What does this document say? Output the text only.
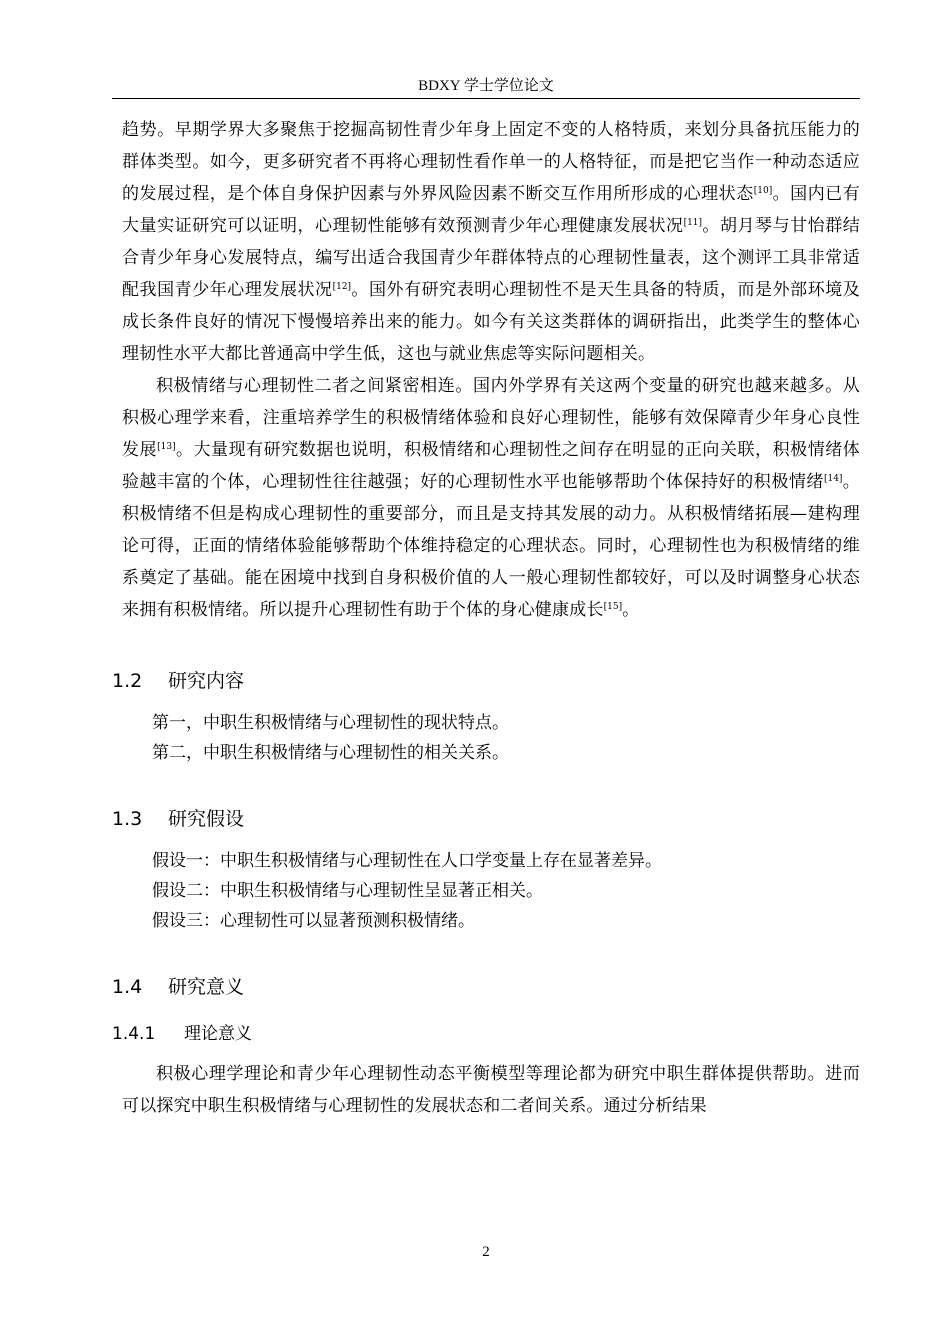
BDXY 学士学位论文

趋势。早期学界大多聚焦于挖掘高韧性青少年身上固定不变的人格特质，来划分具备抗压能力的群体类型。如今，更多研究者不再将心理韧性看作单一的人格特征，而是把它当作一种动态适应的发展过程，是个体自身保护因素与外界风险因素不断交互作用所形成的心理状态[10]。国内已有大量实证研究可以证明，心理韧性能够有效预测青少年心理健康发展状况[11]。胡月琴与甘怡群结合青少年身心发展特点，编写出适合我国青少年群体特点的心理韧性量表，这个测评工具非常适配我国青少年心理发展状况[12]。国外有研究表明心理韧性不是天生具备的特质，而是外部环境及成长条件良好的情况下慢慢培养出来的能力。如今有关这类群体的调研指出，此类学生的整体心理韧性水平大都比普通高中学生低，这也与就业焦虑等实际问题相关。

积极情绪与心理韧性二者之间紧密相连。国内外学界有关这两个变量的研究也越来越多。从积极心理学来看，注重培养学生的积极情绪体验和良好心理韧性，能够有效保障青少年身心良性发展[13]。大量现有研究数据也说明，积极情绪和心理韧性之间存在明显的正向关联，积极情绪体验越丰富的个体，心理韧性往往越强；好的心理韧性水平也能够帮助个体保持好的积极情绪[14]。积极情绪不但是构成心理韧性的重要部分，而且是支持其发展的动力。从积极情绪拓展—建构理论可得，正面的情绪体验能够帮助个体维持稳定的心理状态。同时，心理韧性也为积极情绪的维系奠定了基础。能在困境中找到自身积极价值的人一般心理韧性都较好，可以及时调整身心状态来拥有积极情绪。所以提升心理韧性有助于个体的身心健康成长[15]。

1.2 研究内容

第一，中职生积极情绪与心理韧性的现状特点。

第二，中职生积极情绪与心理韧性的相关关系。

1.3 研究假设

假设一：中职生积极情绪与心理韧性在人口学变量上存在显著差异。

假设二：中职生积极情绪与心理韧性呈显著正相关。

假设三：心理韧性可以显著预测积极情绪。

1.4 研究意义
1.4.1 理论意义

积极心理学理论和青少年心理韧性动态平衡模型等理论都为研究中职生群体提供帮助。进而可以探究中职生积极情绪与心理韧性的发展状态和二者间关系。通过分析结果

2
